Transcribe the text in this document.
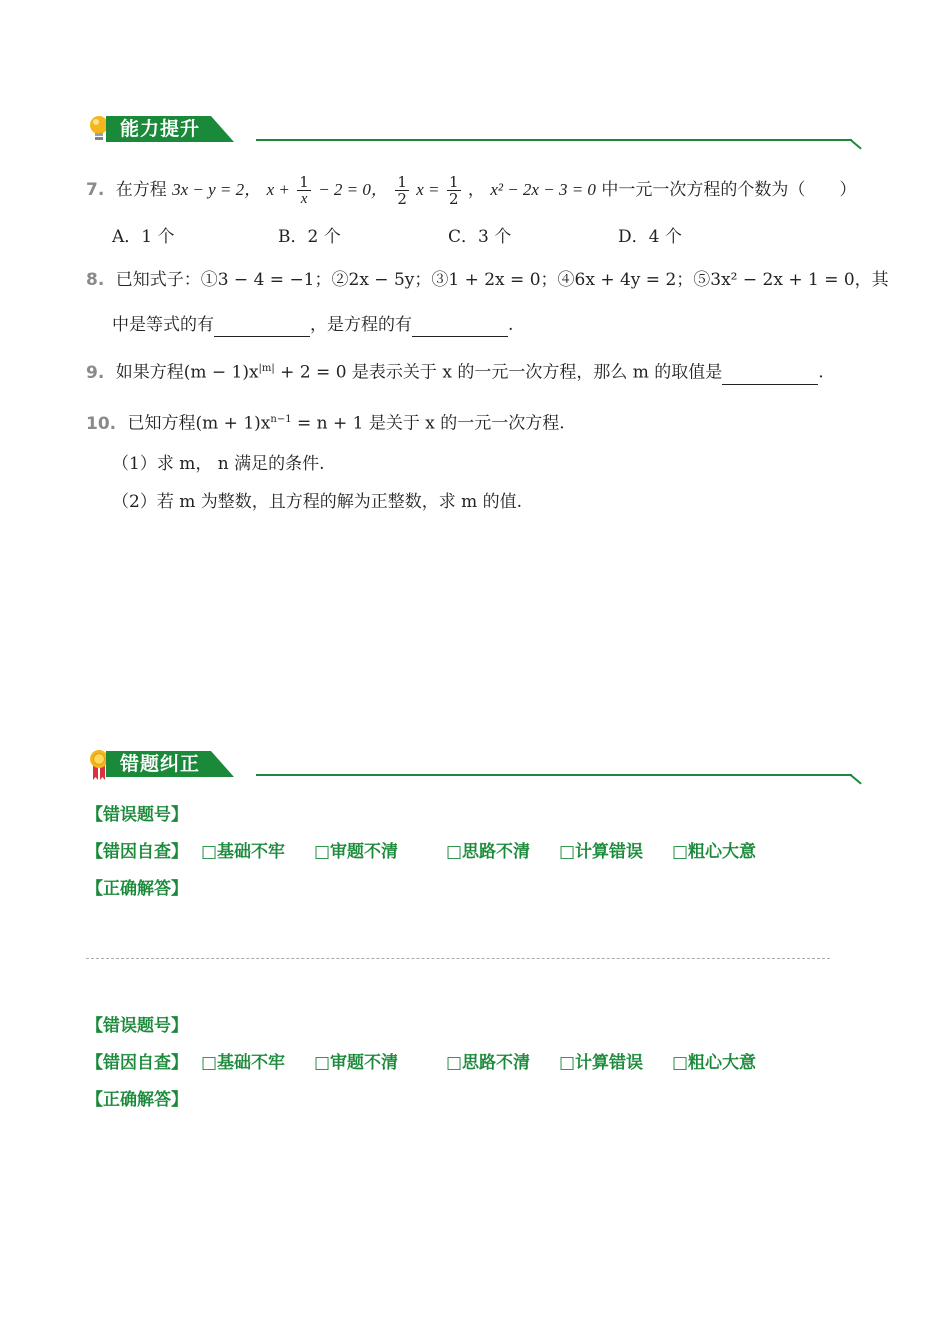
能力提升
7. 在方程 3x − y = 2， $x + \frac{1}{x} - 2 = 0$， $\frac{1}{2}$ $x = \frac{1}{2}$ ， x² − 2x − 3 = 0 中一元一次方程的个数为（　　）
A．1 个	B．2 个	C．3 个	D．4 个
8. 已知式子：①3 − 4 = −1；②2x − 5y；③1 + 2x = 0；④6x + 4y = 2；⑤3x² − 2x + 1 = 0，其
中是等式的有	，是方程的有	.
9. 如果方程$(m - 1)x^{|m|} + 2 = 0$ 是表示关于 x 的一元一次方程，那么 m 的取值是	.
10. 已知方程$(m + 1)x^{n-1} = n + 1$ 是关于 x 的一元一次方程.
（1）求 m， n 满足的条件.
（2）若 m 为整数，且方程的解为正整数，求 m 的值.
错题纠正
【错误题号】
【错因自查】 □基础不牢 □审题不清	□思路不清 □计算错误 □粗心大意
【正确解答】
【错误题号】
【错因自查】 □基础不牢 □审题不清	□思路不清 □计算错误 □粗心大意
【正确解答】
